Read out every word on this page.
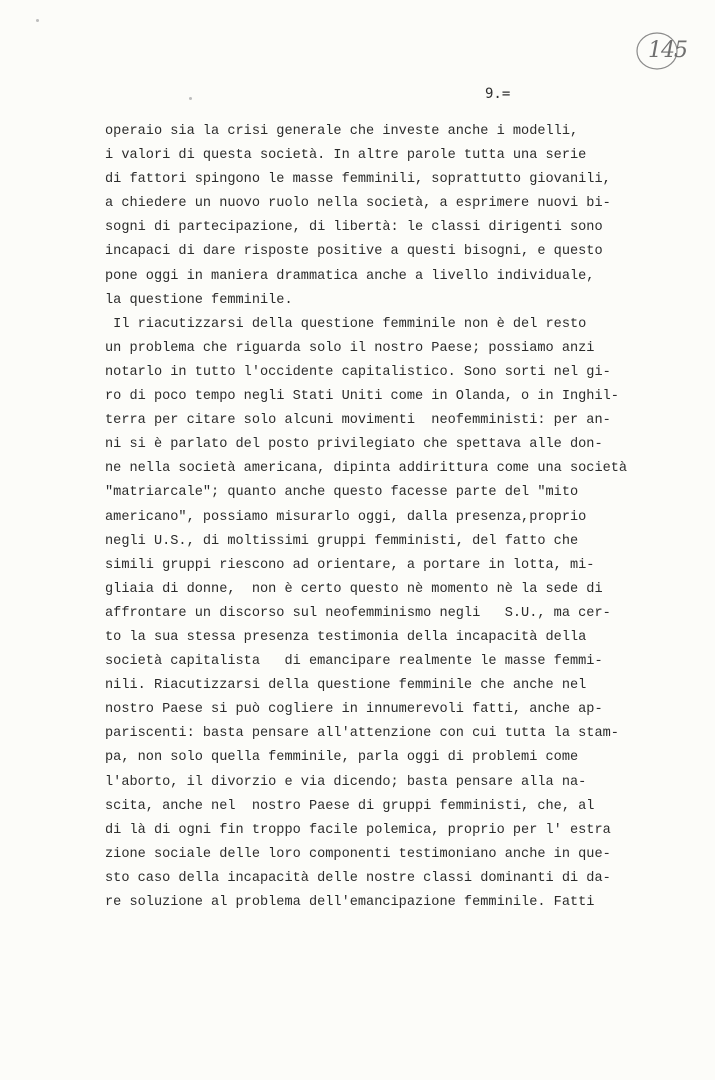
145
9.=
operaio sia la crisi generale che investe anche i modelli,
i valori di questa società. In altre parole tutta una serie
di fattori spingono le masse femminili, soprattutto giovanili,
a chiedere un nuovo ruolo nella società, a esprimere nuovi bi-
sogni di partecipazione, di libertà: le classi dirigenti sono
incapaci di dare risposte positive a questi bisogni, e questo
pone oggi in maniera drammatica anche a livello individuale,
la questione femminile.
Il riacutizzarsi della questione femminile non è del resto
un problema che riguarda solo il nostro Paese; possiamo anzi
notarlo in tutto l'occidente capitalistico. Sono sorti nel gi-
ro di poco tempo negli Stati Uniti come in Olanda, o in Inghil-
terra per citare solo alcuni movimenti  neofemministi: per an-
ni si è parlato del posto privilegiato che spettava alle don-
ne nella società americana, dipinta addirittura come una società
"matriarcale"; quanto anche questo facesse parte del "mito
americano", possiamo misurarlo oggi, dalla presenza,proprio
negli U.S., di moltissimi gruppi femministi, del fatto che
simili gruppi riescono ad orientare, a portare in lotta, mi-
gliaia di donne,  non è certo questo nè momento nè la sede di
affrontare un discorso sul neofemminismo negli   S.U., ma cer-
to la sua stessa presenza testimonia della incapacità della
società capitalista   di emancipare realmente le masse femmi-
nili. Riacutizzarsi della questione femminile che anche nel
nostro Paese si può cogliere in innumerevoli fatti, anche ap-
pariscenti: basta pensare all'attenzione con cui tutta la stam-
pa, non solo quella femminile, parla oggi di problemi come
l'aborto, il divorzio e via dicendo; basta pensare alla na-
scita, anche nel  nostro Paese di gruppi femministi, che, al
di là di ogni fin troppo facile polemica, proprio per l' estra
zione sociale delle loro componenti testimoniano anche in que-
sto caso della incapacità delle nostre classi dominanti di da-
re soluzione al problema dell'emancipazione femminile. Fatti
